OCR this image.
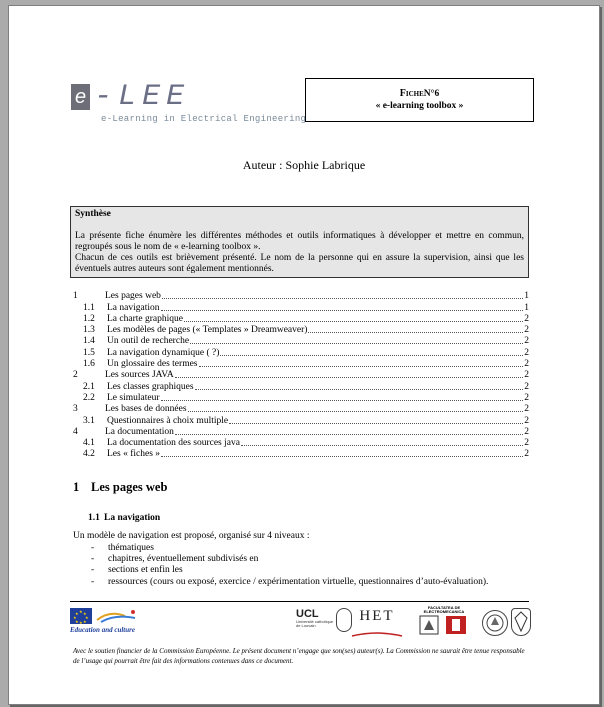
e -LEE
e-Learning in Electrical Engineering
FicheN°6
« e-learning toolbox »
Auteur : Sophie Labrique
Synthèse

La présente fiche énumère les différentes méthodes et outils informatiques à développer et mettre en commun, regroupés sous le nom de « e-learning toolbox ».

Chacun de ces outils est brièvement présenté. Le nom de la personne qui en assure la supervision, ainsi que les éventuels autres auteurs sont également mentionnés.

1	Les pages web	1
1.1	La navigation	1
1.2	La charte graphique	2
1.3	Les modèles de pages (« Templates » Dreamweaver)	2
1.4	Un outil de recherche	2
1.5	La navigation dynamique ( ?)	2
1.6	Un glossaire des termes	2
2	Les sources JAVA	2
2.1	Les classes graphiques	2
2.2	Le simulateur	2
3	Les bases de données	2
3.1	Questionnaires à choix multiple	2
4	La documentation	2
4.1	La documentation des sources java	2
4.2	Les « fiches »	2
1 Les pages web
1.1 La navigation
Un modèle de navigation est proposé, organisé sur 4 niveaux :
-	thématiques
-	chapitres, éventuellement subdivisés en
-	sections et enfin les
-	ressources (cours ou exposé, exercice / expérimentation virtuelle, questionnaires d’auto-évaluation).
★ ★
★
★
★
★
★
★
Education and culture
UCL
Université catholique de Louvain
HET
FACULTATEA DE ELECTROMECANICA
Avec le soutien financier de la Commission Européenne. Le présent document n’engage que son(ses) auteur(s). La Commission ne saurait être tenue responsable de l’usage qui pourrait être fait des informations contenues dans ce document.
